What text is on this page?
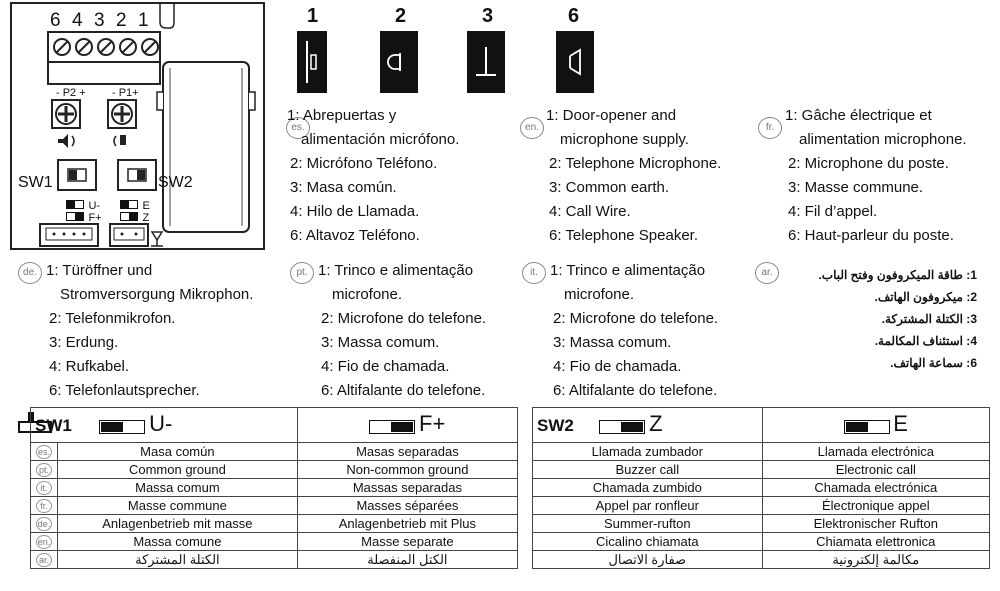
6 4 3 2 1
- P2 + - P1+
SW1	SW2
U-
F+
E
Z
1	2	3	6
es.
1: Abrepuertas y
alimentación micrófono.
2: Micrófono Teléfono.
3: Masa común.
4: Hilo de Llamada.
6: Altavoz Teléfono.
en.
1: Door-opener and
microphone supply.
2: Telephone Microphone.
3: Common earth.
4: Call Wire.
6: Telephone Speaker.
fr.
1: Gâche électrique et
alimentation microphone.
2: Microphone du poste.
3: Masse commune.
4: Fil d’appel.
6: Haut-parleur du poste.
de. 1: Türöffner und
Stromversorgung Mikrophon.
2: Telefonmikrofon.
3: Erdung.
4: Rufkabel.
6: Telefonlautsprecher.
pt. 1: Trinco e alimentação
microfone.
2: Microfone do telefone.
3: Massa comum.
4: Fio de chamada.
6: Altifalante do telefone.
it. 1: Trinco e alimentação
microfone.
2: Microfone do telefone.
3: Massa comum.
4: Fio de chamada.
6: Altifalante do telefone.
ar.	1: طاقة الميكروفون وفتح الباب.
2: ميكروفون الهاتف.
3: الكتلة المشتركة.
4: استئناف المكالمة.
6: سماعة الهاتف.
SW1 U-		F+
es.	Masa común	Masas separadas
pt.	Common ground	Non-common ground
it.	Massa comum	Massas separadas
fr.	Masse commune	Masses séparées
de.	Anlagenbetrieb mit masse	Anlagenbetrieb mit Plus
en.	Massa comune	Masse separate
ar.	الكتلة المشتركة	الكتل المنفصلة
SW2 Z	E
Llamada zumbador	Llamada electrónica
Buzzer call	Electronic call
Chamada zumbido	Chamada electrónica
Appel par ronfleur	Électronique appel
Summer-rufton	Elektronischer Rufton
Cicalino chiamata	Chiamata elettronica
صفارة الاتصال	مكالمة إلكترونية
